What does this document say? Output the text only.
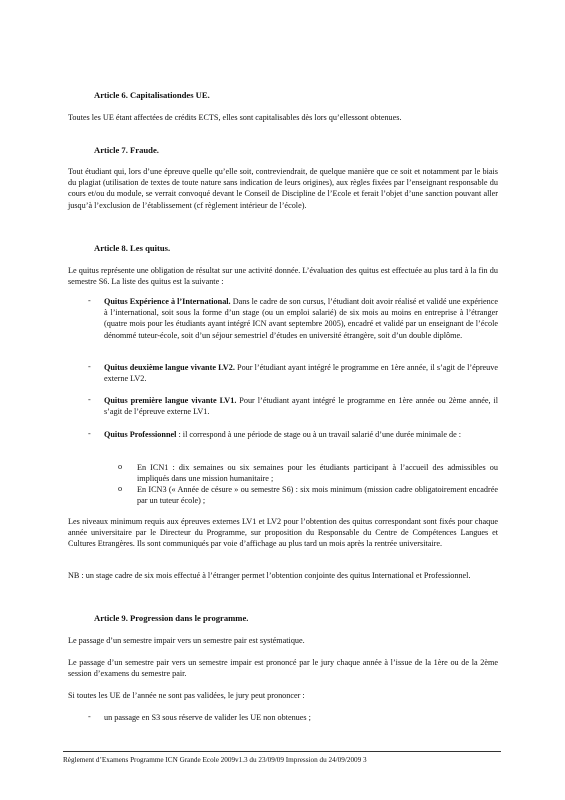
Article 6. Capitalisationdes UE.

Toutes les UE étant affectées de crédits ECTS, elles sont capitalisables dès lors qu’ellessont obtenues.

Article 7. Fraude.

Tout étudiant qui, lors d’une épreuve quelle qu’elle soit, contreviendrait, de quelque manière que ce soit et notamment par le biais du plagiat (utilisation de textes de toute nature sans indication de leurs origines), aux règles fixées par l’enseignant responsable du cours et/ou du module, se verrait convoqué devant le Conseil de Discipline de l’Ecole et ferait l’objet d’une sanction pouvant aller jusqu’à l’exclusion de l’établissement (cf règlement intérieur de l’école).

Article 8. Les quitus.

Le quitus représente une obligation de résultat sur une activité donnée. L’évaluation des quitus est effectuée au plus tard à la fin du semestre S6. La liste des quitus est la suivante :

- Quitus Expérience à l’International. Dans le cadre de son cursus, l’étudiant doit avoir réalisé et validé une expérience à l’international, soit sous la forme d’un stage (ou un emploi salarié) de six mois au moins en entreprise à l’étranger (quatre mois pour les étudiants ayant intégré ICN avant septembre 2005), encadré et validé par un enseignant de l’école dénommé tuteur-école, soit d’un séjour semestriel d’études en université étrangère, soit d’un double diplôme.

- Quitus deuxième langue vivante LV2. Pour l’étudiant ayant intégré le programme en 1ère année, il s’agit de l’épreuve externe LV2.

- Quitus première langue vivante LV1. Pour l’étudiant ayant intégré le programme en 1ère année ou 2ème année, il s’agit de l’épreuve externe LV1.

- Quitus Professionnel : il correspond à une période de stage ou à un travail salarié d’une durée minimale de :

o En ICN1 : dix semaines ou six semaines pour les étudiants participant à l’accueil des admissibles ou impliqués dans une mission humanitaire ;

o En ICN3 (« Année de césure » ou semestre S6) : six mois minimum (mission cadre obligatoirement encadrée par un tuteur école) ;

Les niveaux minimum requis aux épreuves externes LV1 et LV2 pour l’obtention des quitus correspondant sont fixés pour chaque année universitaire par le Directeur du Programme, sur proposition du Responsable du Centre de Compétences Langues et Cultures Etrangères. Ils sont communiqués par voie d’affichage au plus tard un mois après la rentrée universitaire.

NB : un stage cadre de six mois effectué à l’étranger permet l’obtention conjointe des quitus International et Professionnel.

Article 9. Progression dans le programme.

Le passage d’un semestre impair vers un semestre pair est systématique.

Le passage d’un semestre pair vers un semestre impair est prononcé par le jury chaque année à l’issue de la 1ère ou de la 2ème session d’examens du semestre pair.

Si toutes les UE de l’année ne sont pas validées, le jury peut prononcer :

- un passage en S3 sous réserve de valider les UE non obtenues ;

Règlement d’Examens Programme ICN Grande Ecole 2009v1.3 du 23/09/09 Impression du 24/09/2009 3
